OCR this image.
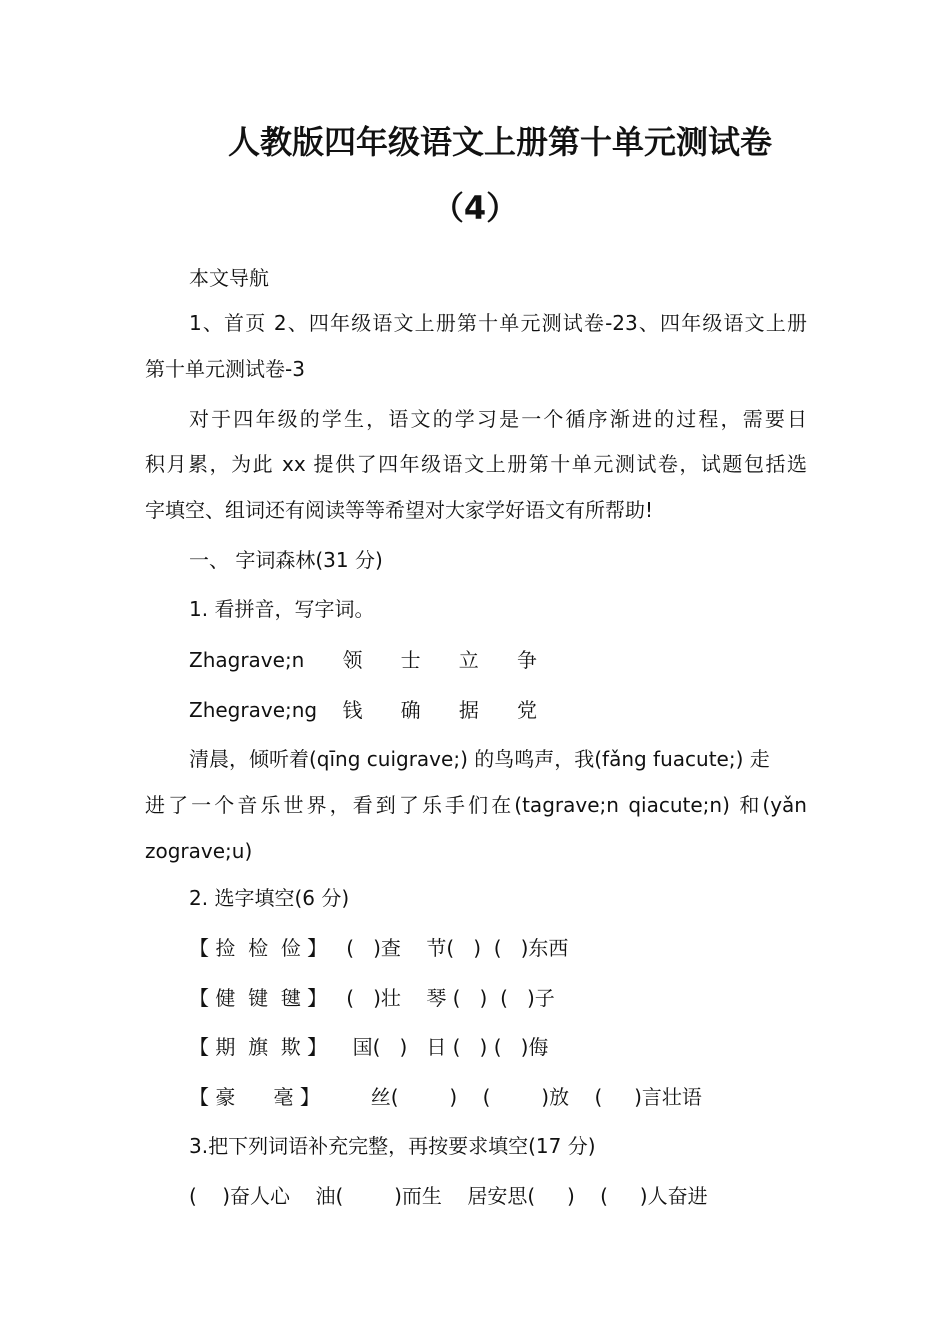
人教版四年级语文上册第十单元测试卷
（4）
本文导航
1、首页 2、四年级语文上册第十单元测试卷-23、四年级语文上册
第十单元测试卷-3
对于四年级的学生，语文的学习是一个循序渐进的过程，需要日
积月累，为此 xx 提供了四年级语文上册第十单元测试卷，试题包括选
字填空、组词还有阅读等等希望对大家学好语文有所帮助!
一、 字词森林(31 分)
1. 看拼音，写字词。
Zhagrave;n      领      士      立      争
Zhegrave;ng    钱      确      据      党
清晨，倾听着(qīng cuigrave;) 的鸟鸣声，我(fǎng fuacute;) 走
进了一个音乐世界，看到了乐手们在(tagrave;n qiacute;n) 和(yǎn
zograve;u)
2. 选字填空(6 分)
【 捡  检  俭 】   (   )查    节(   )  (   )东西
【 健  键  毽 】   (   )壮    琴 (   )  (   )子
【 期  旗  欺 】    国(   )   日 (   ) (   )侮
【 豪      毫 】        丝(        )    (        )放    (     )言壮语
3.把下列词语补充完整，再按要求填空(17 分)
(    )奋人心    油(        )而生    居安思(     )    (     )人奋进
